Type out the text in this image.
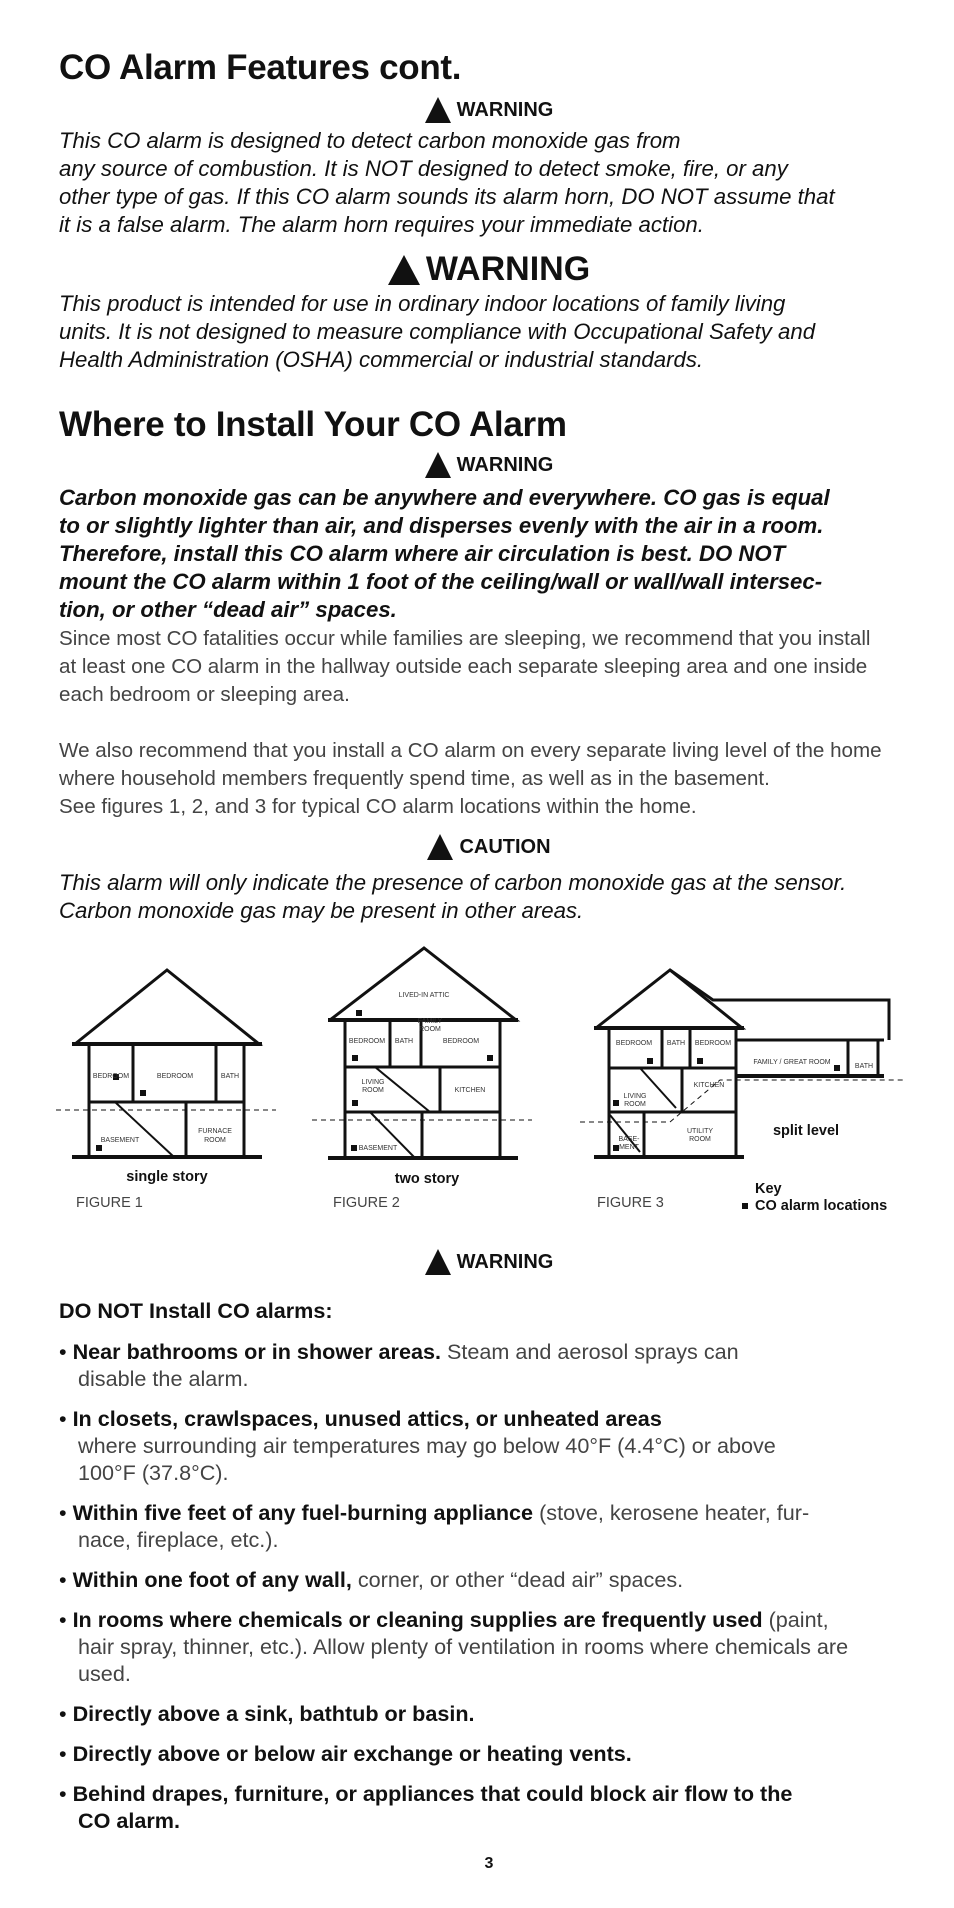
CO Alarm Features cont.
WARNING

This CO alarm is designed to detect carbon monoxide gas from

any source of combustion. It is NOT designed to detect smoke, fire, or any

other type of gas. If this CO alarm sounds its alarm horn, DO NOT assume that

it is a false alarm. The alarm horn requires your immediate action.

WARNING

This product is intended for use in ordinary indoor locations of family living

units. It is not designed to measure compliance with Occupational Safety and

Health Administration (OSHA) commercial or industrial standards.

Where to Install Your CO Alarm
WARNING

Carbon monoxide gas can be anywhere and everywhere. CO gas is equal

to or slightly lighter than air, and disperses evenly with the air in a room.

Therefore, install this CO alarm where air circulation is best. DO NOT

mount the CO alarm within 1 foot of the ceiling/wall or wall/wall intersec-

tion, or other “dead air” spaces.

Since most CO fatalities occur while families are sleeping, we recommend that you install

at least one CO alarm in the hallway outside each separate sleeping area and one inside

each bedroom or sleeping area.

We also recommend that you install a CO alarm on every separate living level of the home

where household members frequently spend time, as well as in the basement.

See figures 1, 2, and 3 for typical CO alarm locations within the home.

CAUTION

This alarm will only indicate the presence of carbon monoxide gas at the sensor.

Carbon monoxide gas may be present in other areas.

BEDROOM	BEDROOM	BATH
BASEMENT
FURNACE
ROOM
LIVED-IN ATTIC
FAMILY
ROOM
BEDROOM BATH	BEDROOM
LIVING
ROOM	KITCHEN
BASEMENT
BEDROOM BATH BEDROOM
FAMILY / GREAT ROOM
BATH
KITCHEN
LIVING
ROOM
BASE-
MENT
UTILITY
ROOM
single story	two story
split level
FIGURE 1	FIGURE 2	FIGURE 3
Key
CO alarm locations
WARNING
DO NOT Install CO alarms:

• Near bathrooms or in shower areas. Steam and aerosol sprays can
disable the alarm.

• In closets, crawlspaces, unused attics, or unheated areas
where surrounding air temperatures may go below 40°F (4.4°C) or above
100°F (37.8°C).

• Within five feet of any fuel-burning appliance (stove, kerosene heater, fur-
nace, fireplace, etc.).

• Within one foot of any wall, corner, or other “dead air” spaces.

• In rooms where chemicals or cleaning supplies are frequently used (paint,
hair spray, thinner, etc.). Allow plenty of ventilation in rooms where chemicals are
used.

• Directly above a sink, bathtub or basin.

• Directly above or below air exchange or heating vents.

• Behind drapes, furniture, or appliances that could block air flow to the
CO alarm.

3
